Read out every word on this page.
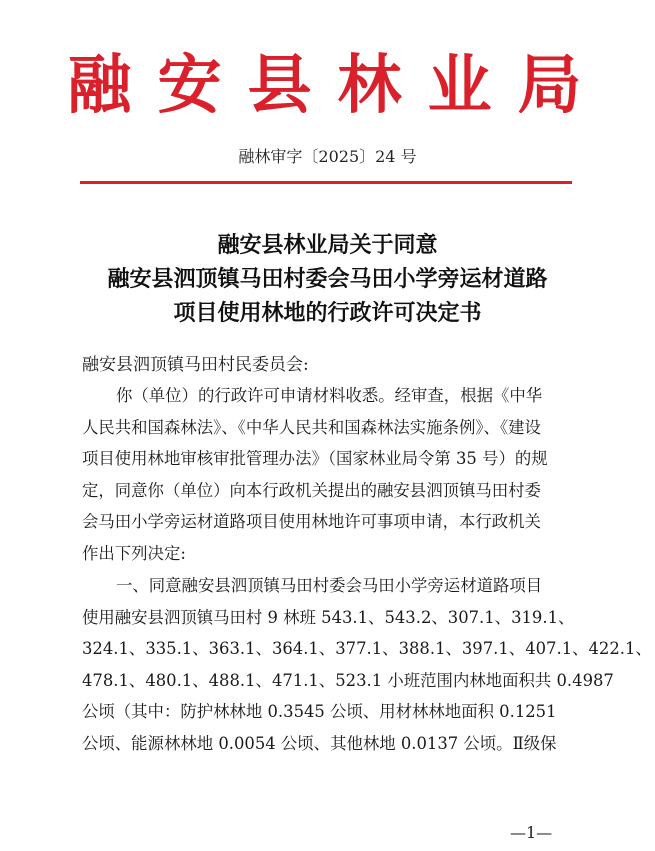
融安县林业局
融林审字〔2025〕24 号
融安县林业局关于同意
融安县泗顶镇马田村委会马田小学旁运材道路
项目使用林地的行政许可决定书
融安县泗顶镇马田村民委员会:
你（单位）的行政许可申请材料收悉。经审查，根据《中华
人民共和国森林法》、《中华人民共和国森林法实施条例》、《建设
项目使用林地审核审批管理办法》（国家林业局令第 35 号）的规
定，同意你（单位）向本行政机关提出的融安县泗顶镇马田村委
会马田小学旁运材道路项目使用林地许可事项申请，本行政机关
作出下列决定:
一、同意融安县泗顶镇马田村委会马田小学旁运材道路项目
使用融安县泗顶镇马田村 9 林班 543.1、543.2、307.1、319.1、
324.1、335.1、363.1、364.1、377.1、388.1、397.1、407.1、422.1、
478.1、480.1、488.1、471.1、523.1 小班范围内林地面积共 0.4987
公顷（其中：防护林林地 0.3545 公顷、用材林林地面积 0.1251
公顷、能源林林地 0.0054 公顷、其他林地 0.0137 公顷。Ⅱ级保
—1—
